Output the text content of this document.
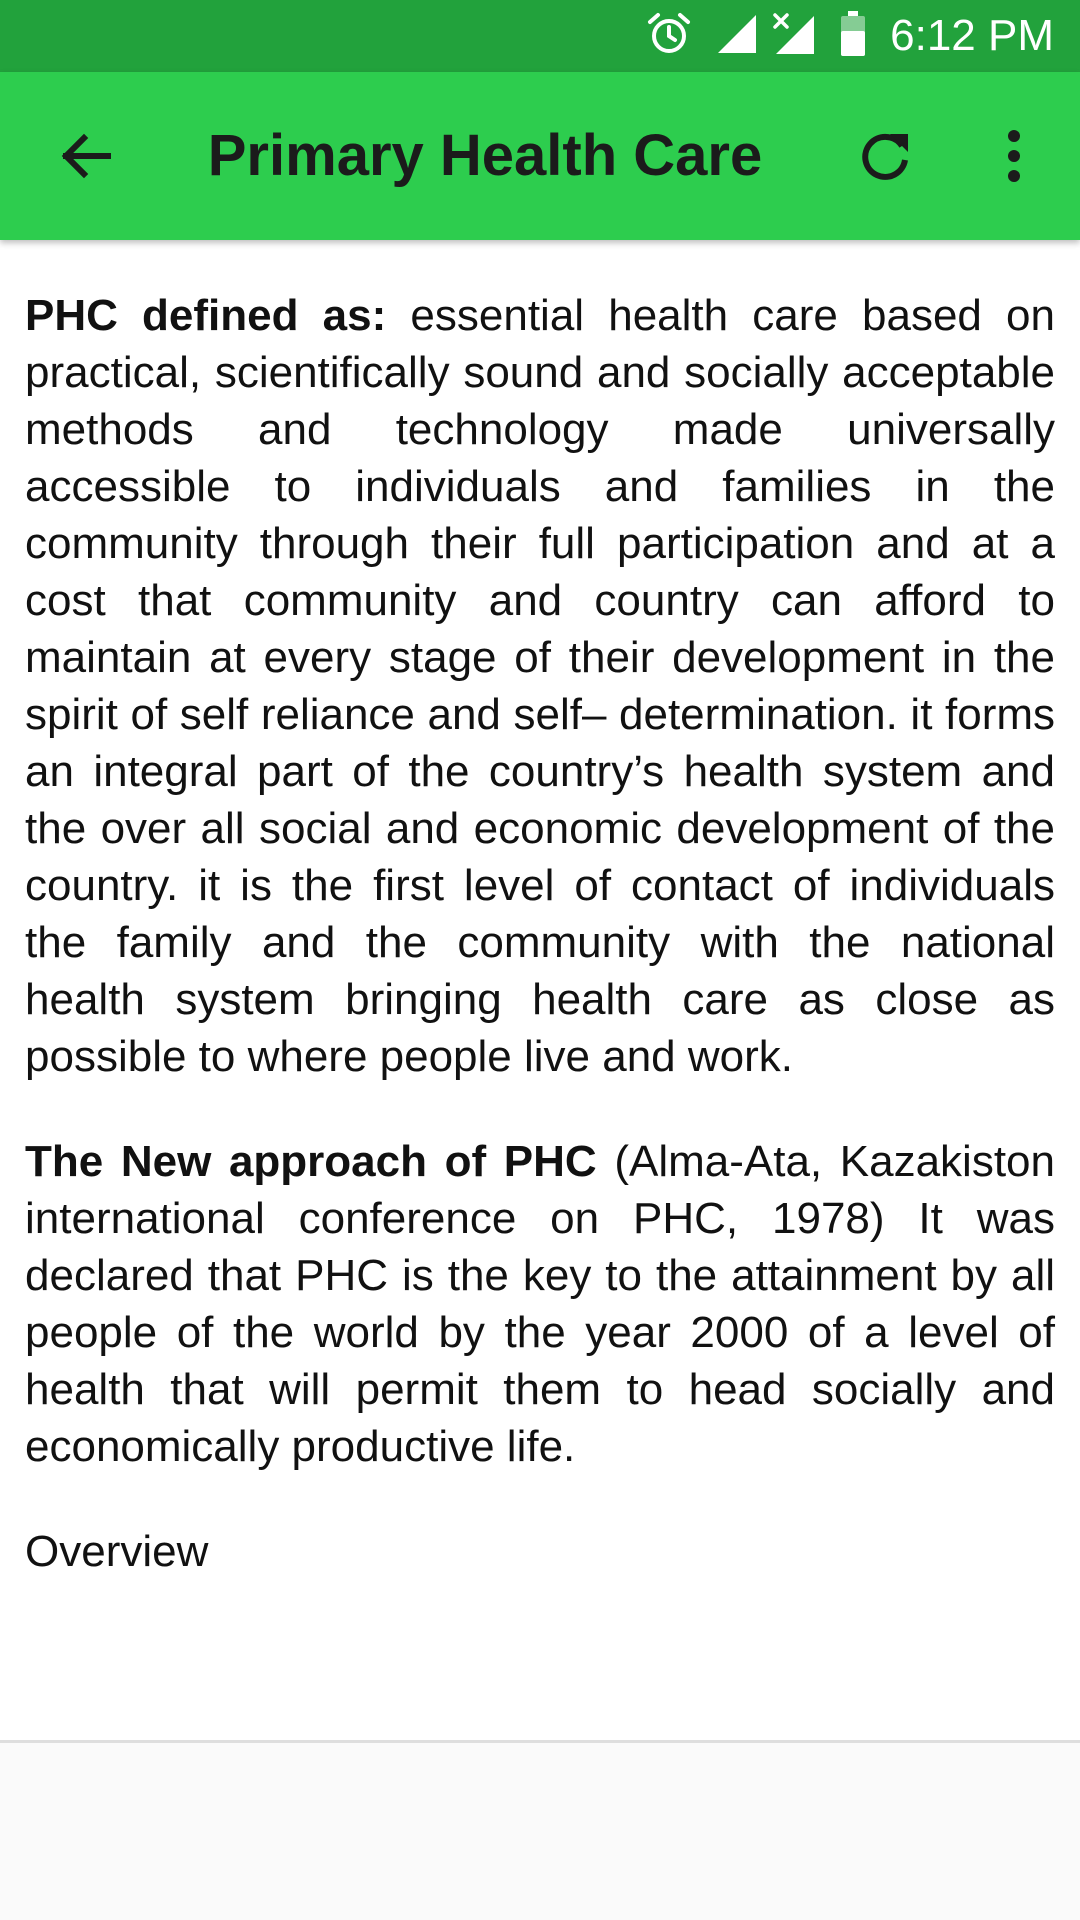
6:12 PM
Primary Health Care

PHC defined as: essential health care based on practical, scientifically sound and socially acceptable methods and technology made universally accessible to individuals and families in the community through their full participation and at a cost that community and country can afford to maintain at every stage of their development in the spirit of self reliance and self– determination. it forms an integral part of the country’s health system and the over all social and economic development of the country. it is the first level of contact of individuals the family and the community with the national health system bringing health care as close as possible to where people live and work.

The New approach of PHC (Alma-Ata, Kazakiston international conference on PHC, 1978) It was declared that PHC is the key to the attainment by all people of the world by the year 2000 of a level of health that will permit them to head socially and economically productive life.

Overview
